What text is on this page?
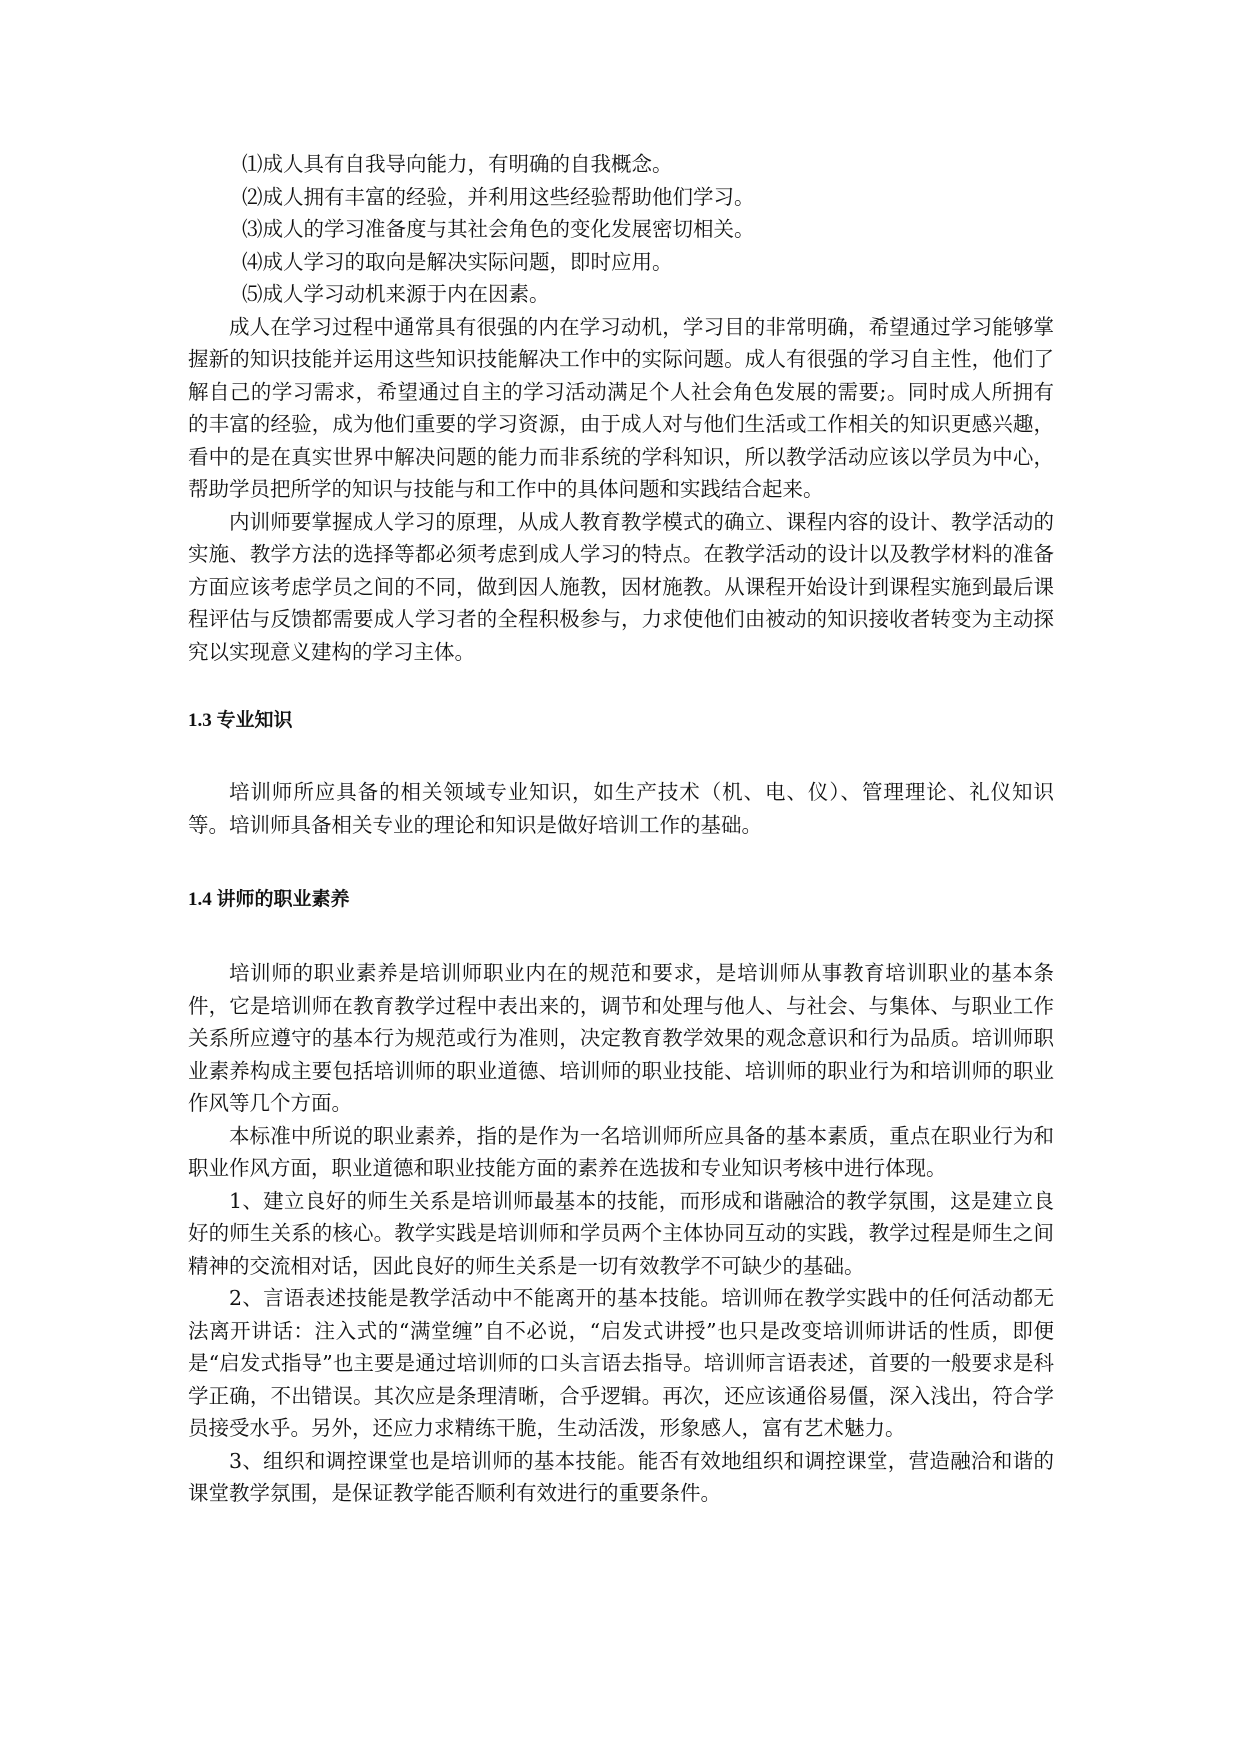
⑴成人具有自我导向能力，有明确的自我概念。
⑵成人拥有丰富的经验，并利用这些经验帮助他们学习。
⑶成人的学习准备度与其社会角色的变化发展密切相关。
⑷成人学习的取向是解决实际问题，即时应用。
⑸成人学习动机来源于内在因素。

成人在学习过程中通常具有很强的内在学习动机，学习目的非常明确，希望通过学习能够掌握新的知识技能并运用这些知识技能解决工作中的实际问题。成人有很强的学习自主性，他们了解自己的学习需求，希望通过自主的学习活动满足个人社会角色发展的需要;。同时成人所拥有的丰富的经验，成为他们重要的学习资源，由于成人对与他们生活或工作相关的知识更感兴趣，看中的是在真实世界中解决问题的能力而非系统的学科知识，所以教学活动应该以学员为中心，帮助学员把所学的知识与技能与和工作中的具体问题和实践结合起来。

内训师要掌握成人学习的原理，从成人教育教学模式的确立、课程内容的设计、教学活动的实施、教学方法的选择等都必须考虑到成人学习的特点。在教学活动的设计以及教学材料的准备方面应该考虑学员之间的不同，做到因人施教，因材施教。从课程开始设计到课程实施到最后课程评估与反馈都需要成人学习者的全程积极参与，力求使他们由被动的知识接收者转变为主动探究以实现意义建构的学习主体。

1.3 专业知识

培训师所应具备的相关领域专业知识，如生产技术（机、电、仪）、管理理论、礼仪知识等。培训师具备相关专业的理论和知识是做好培训工作的基础。

1.4 讲师的职业素养

培训师的职业素养是培训师职业内在的规范和要求，是培训师从事教育培训职业的基本条件，它是培训师在教育教学过程中表出来的，调节和处理与他人、与社会、与集体、与职业工作关系所应遵守的基本行为规范或行为准则，决定教育教学效果的观念意识和行为品质。培训师职业素养构成主要包括培训师的职业道德、培训师的职业技能、培训师的职业行为和培训师的职业作风等几个方面。

本标准中所说的职业素养，指的是作为一名培训师所应具备的基本素质，重点在职业行为和职业作风方面，职业道德和职业技能方面的素养在选拔和专业知识考核中进行体现。

1、建立良好的师生关系是培训师最基本的技能，而形成和谐融洽的教学氛围，这是建立良好的师生关系的核心。教学实践是培训师和学员两个主体协同互动的实践，教学过程是师生之间精神的交流相对话，因此良好的师生关系是一切有效教学不可缺少的基础。

2、言语表述技能是教学活动中不能离开的基本技能。培训师在教学实践中的任何活动都无法离开讲话：注入式的“满堂缠”自不必说，“启发式讲授”也只是改变培训师讲话的性质，即便是“启发式指导”也主要是通过培训师的口头言语去指导。培训师言语表述，首要的一般要求是科学正确，不出错误。其次应是条理清晰，合乎逻辑。再次，还应该通俗易僵，深入浅出，符合学员接受水乎。另外，还应力求精练干脆，生动活泼，形象感人，富有艺术魅力。

3、组织和调控课堂也是培训师的基本技能。能否有效地组织和调控课堂，营造融洽和谐的课堂教学氛围，是保证教学能否顺利有效进行的重要条件。
